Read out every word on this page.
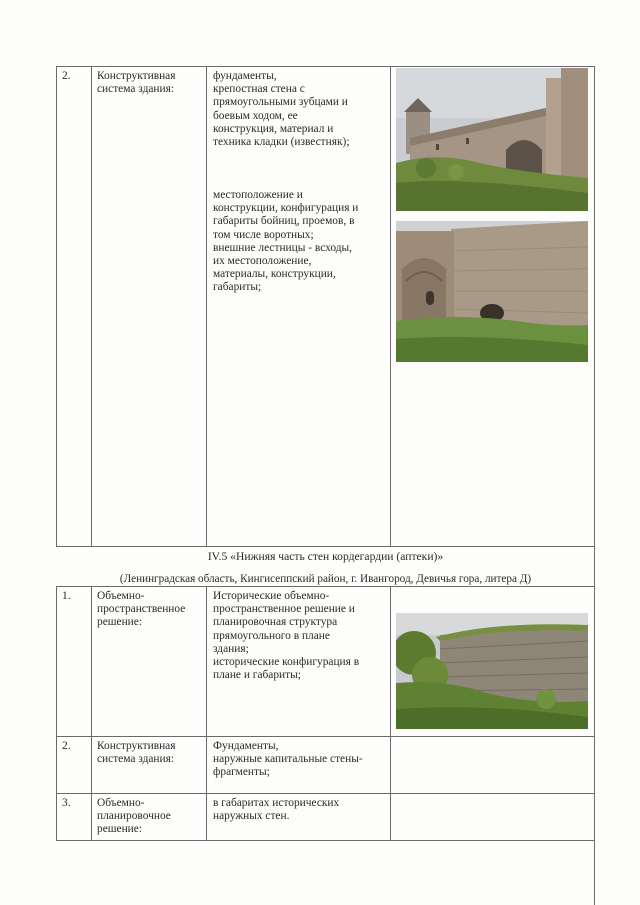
2. Конструктивная
система здания:
фундаменты,
крепостная стена с
прямоугольными зубцами и
боевым ходом, ее
конструкция, материал и
техника кладки (известняк);
местоположение и
конструкции, конфигурация и
габариты бойниц, проемов, в
том числе воротных;
внешние лестницы - всходы,
их местоположение,
материалы, конструкции,
габариты;
IV.5 «Нижняя часть стен кордегардии (аптеки)»
(Ленинградская область, Кингисеппский район, г. Ивангород, Девичья гора, литера Д)
1. Объемно-
пространственное
решение:
Исторические объемно-
пространственное решение и
планировочная структура
прямоугольного в плане
здания;
исторические конфигурация в
плане и габариты;
2. Конструктивная
система здания:
Фундаменты,
наружные капитальные стены-
фрагменты;
3. Объемно-
планировочное
решение:
в габаритах исторических
наружных стен.
